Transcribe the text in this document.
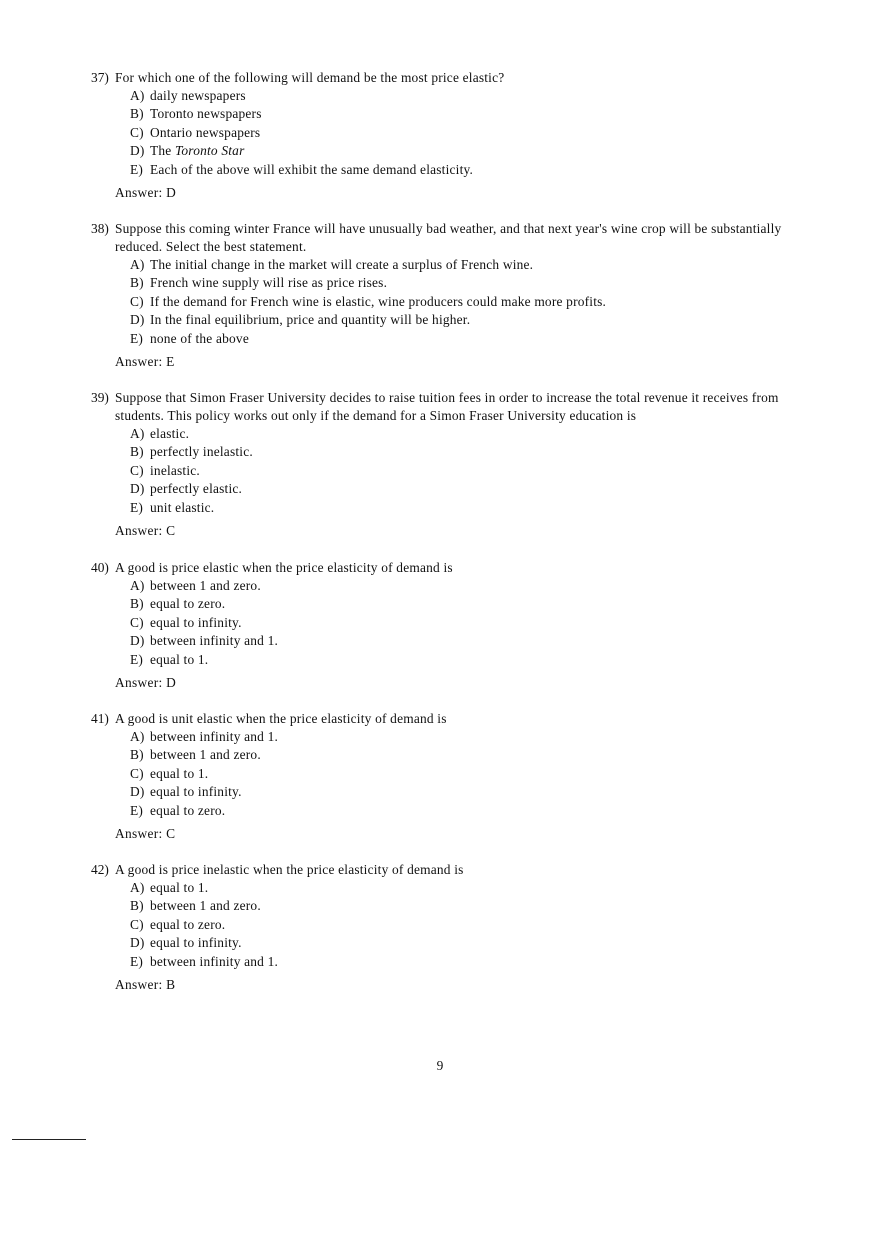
37) For which one of the following will demand be the most price elastic?
A) daily newspapers
B) Toronto newspapers
C) Ontario newspapers
D) The
Toronto Star
E) Each of the above will exhibit the same demand elasticity.
Answer: D
38) Suppose this coming winter France will have unusually bad weather, and that next year's wine crop will be substantially reduced. Select the best statement.
A) The initial change in the market will create a surplus of French wine.
B) French wine supply will rise as price rises.
C) If the demand for French wine is elastic, wine producers could make more profits.
D) In the final equilibrium, price and quantity will be higher.
E) none of the above
Answer: E
39) Suppose that Simon Fraser University decides to raise tuition fees in order to increase the total revenue it receives from students. This policy works out only if the demand for a Simon Fraser University education is
A) elastic.
B) perfectly inelastic.
C) inelastic.
D) perfectly elastic.
E) unit elastic.
Answer: C
40) A good is price elastic when the price elasticity of demand is
A) between 1 and zero.
B) equal to zero.
C) equal to infinity.
D) between infinity and 1.
E) equal to 1.
Answer: D
41) A good is unit elastic when the price elasticity of demand is
A) between infinity and 1.
B) between 1 and zero.
C) equal to 1.
D) equal to infinity.
E) equal to zero.
Answer: C
42) A good is price inelastic when the price elasticity of demand is
A) equal to 1.
B) between 1 and zero.
C) equal to zero.
D) equal to infinity.
E) between infinity and 1.
Answer: B
9
